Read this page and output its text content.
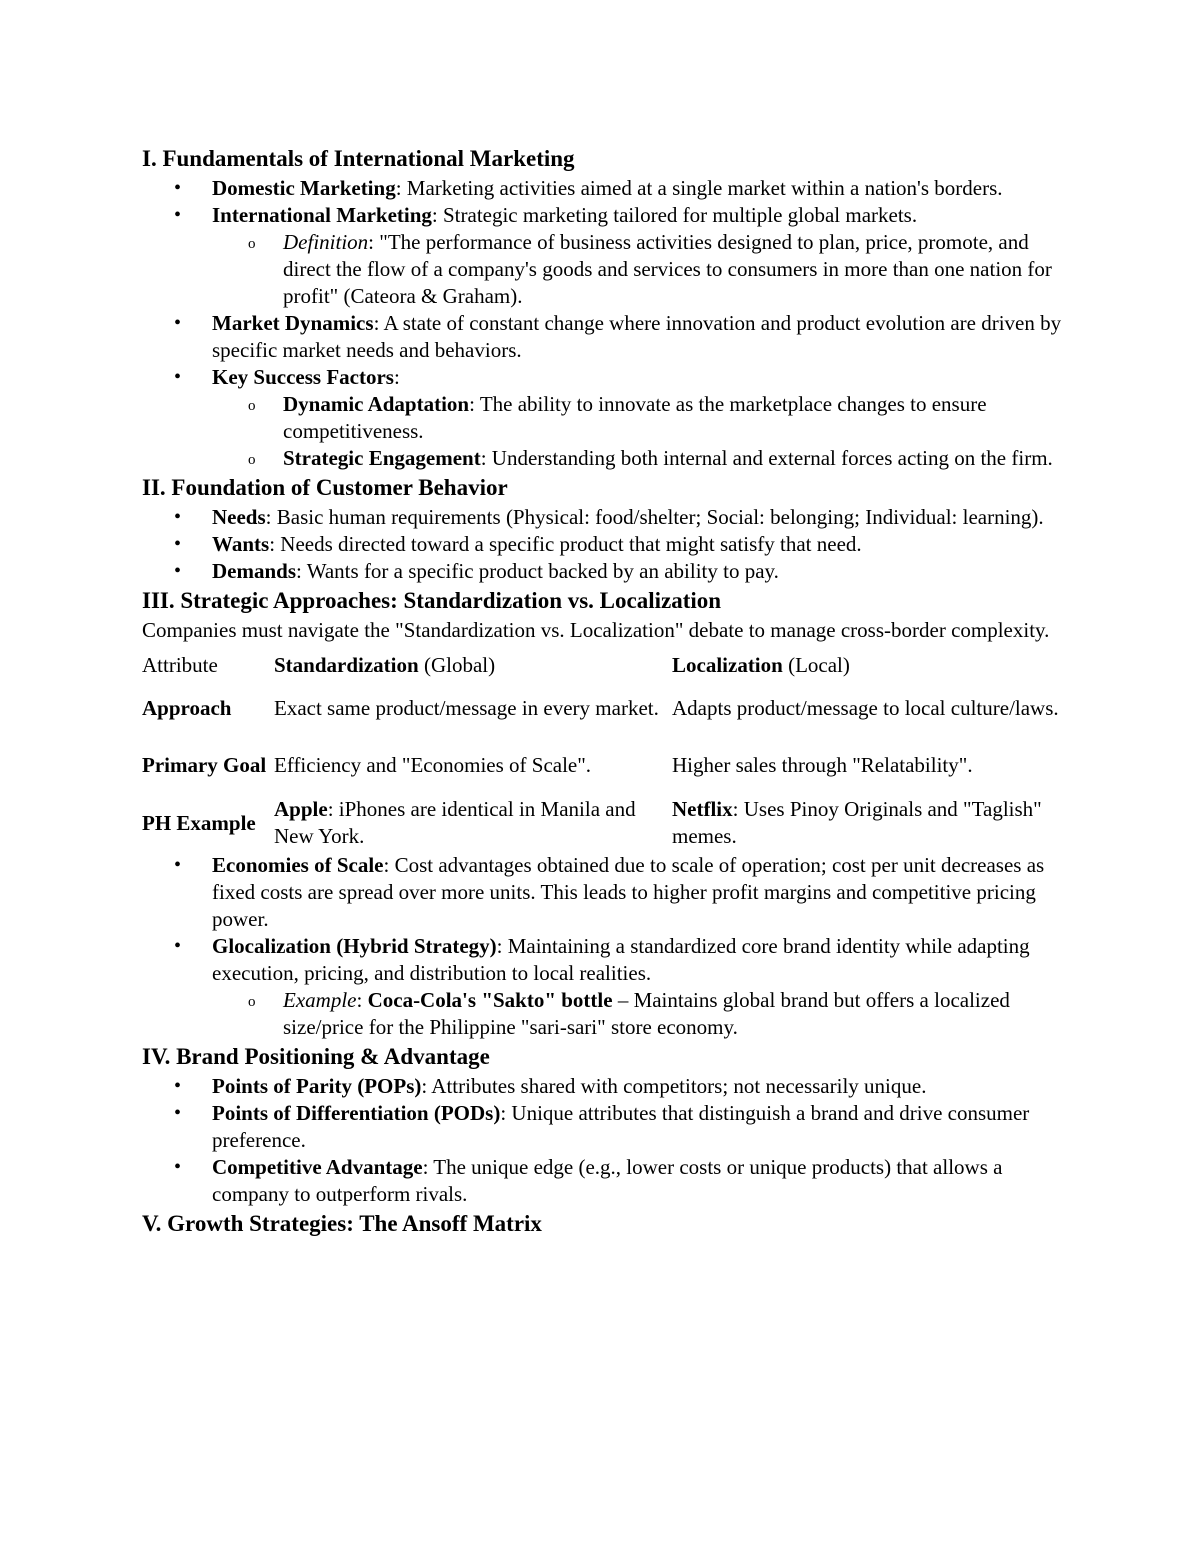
I. Fundamentals of International Marketing
• Domestic Marketing: Marketing activities aimed at a single market within a nation's borders.
• International Marketing: Strategic marketing tailored for multiple global markets.
o Definition: "The performance of business activities designed to plan, price, promote, and direct the flow of a company's goods and services to consumers in more than one nation for profit" (Cateora & Graham).
• Market Dynamics: A state of constant change where innovation and product evolution are driven by specific market needs and behaviors.
• Key Success Factors:
o Dynamic Adaptation: The ability to innovate as the marketplace changes to ensure competitiveness.
o Strategic Engagement: Understanding both internal and external forces acting on the firm.
II. Foundation of Customer Behavior
• Needs: Basic human requirements (Physical: food/shelter; Social: belonging; Individual: learning).
• Wants: Needs directed toward a specific product that might satisfy that need.
• Demands: Wants for a specific product backed by an ability to pay.
III. Strategic Approaches: Standardization vs. Localization

Companies must navigate the "Standardization vs. Localization" debate to manage cross-border complexity.

Attribute	Standardization (Global)	Localization (Local)
Approach	Exact same product/message in every market.	Adapts product/message to local culture/laws.
Primary Goal	Efficiency and "Economies of Scale".	Higher sales through "Relatability".
PH Example	Apple: iPhones are identical in Manila and New York.	Netflix: Uses Pinoy Originals and "Taglish" memes.
• Economies of Scale: Cost advantages obtained due to scale of operation; cost per unit decreases as fixed costs are spread over more units. This leads to higher profit margins and competitive pricing power.
• Glocalization (Hybrid Strategy): Maintaining a standardized core brand identity while adapting execution, pricing, and distribution to local realities.
o Example: Coca-Cola's "Sakto" bottle – Maintains global brand but offers a localized size/price for the Philippine "sari-sari" store economy.
IV. Brand Positioning & Advantage
• Points of Parity (POPs): Attributes shared with competitors; not necessarily unique.
• Points of Differentiation (PODs): Unique attributes that distinguish a brand and drive consumer preference.
• Competitive Advantage: The unique edge (e.g., lower costs or unique products) that allows a company to outperform rivals.
V. Growth Strategies: The Ansoff Matrix
